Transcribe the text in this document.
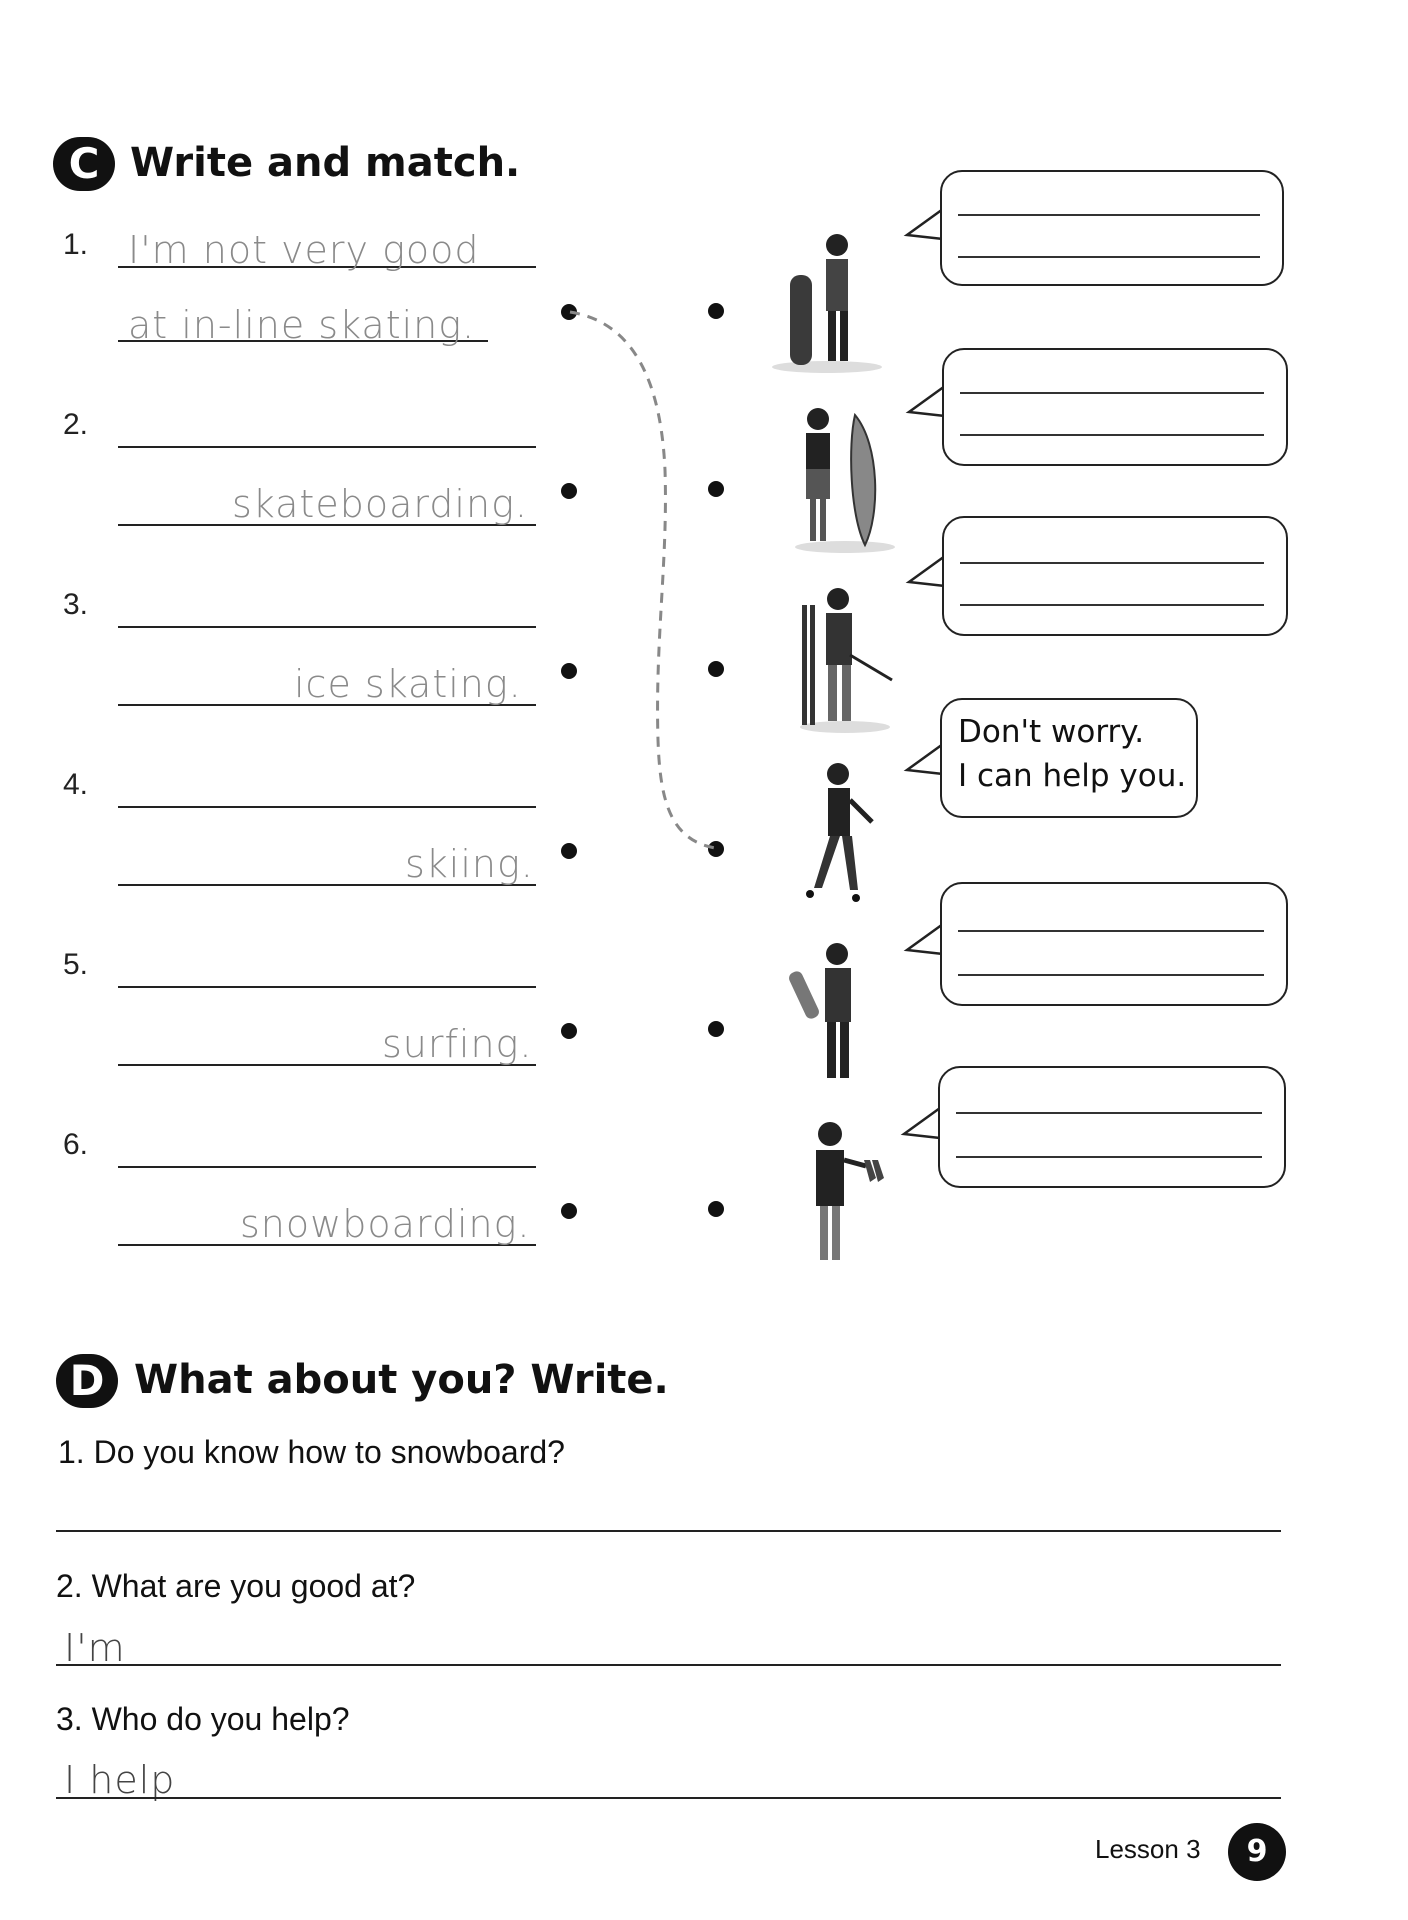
C Write and match.
1. I'm not very good
at in-line skating.
2.
skateboarding.
3.
ice skating.
4.
skiing.
5.
surfing.
6.
snowboarding.
Don't worry.
I can help you.
D What about you? Write.
1. Do you know how to snowboard?
2. What are you good at?
I'm
3. Who do you help?
I help
Lesson 3	9
